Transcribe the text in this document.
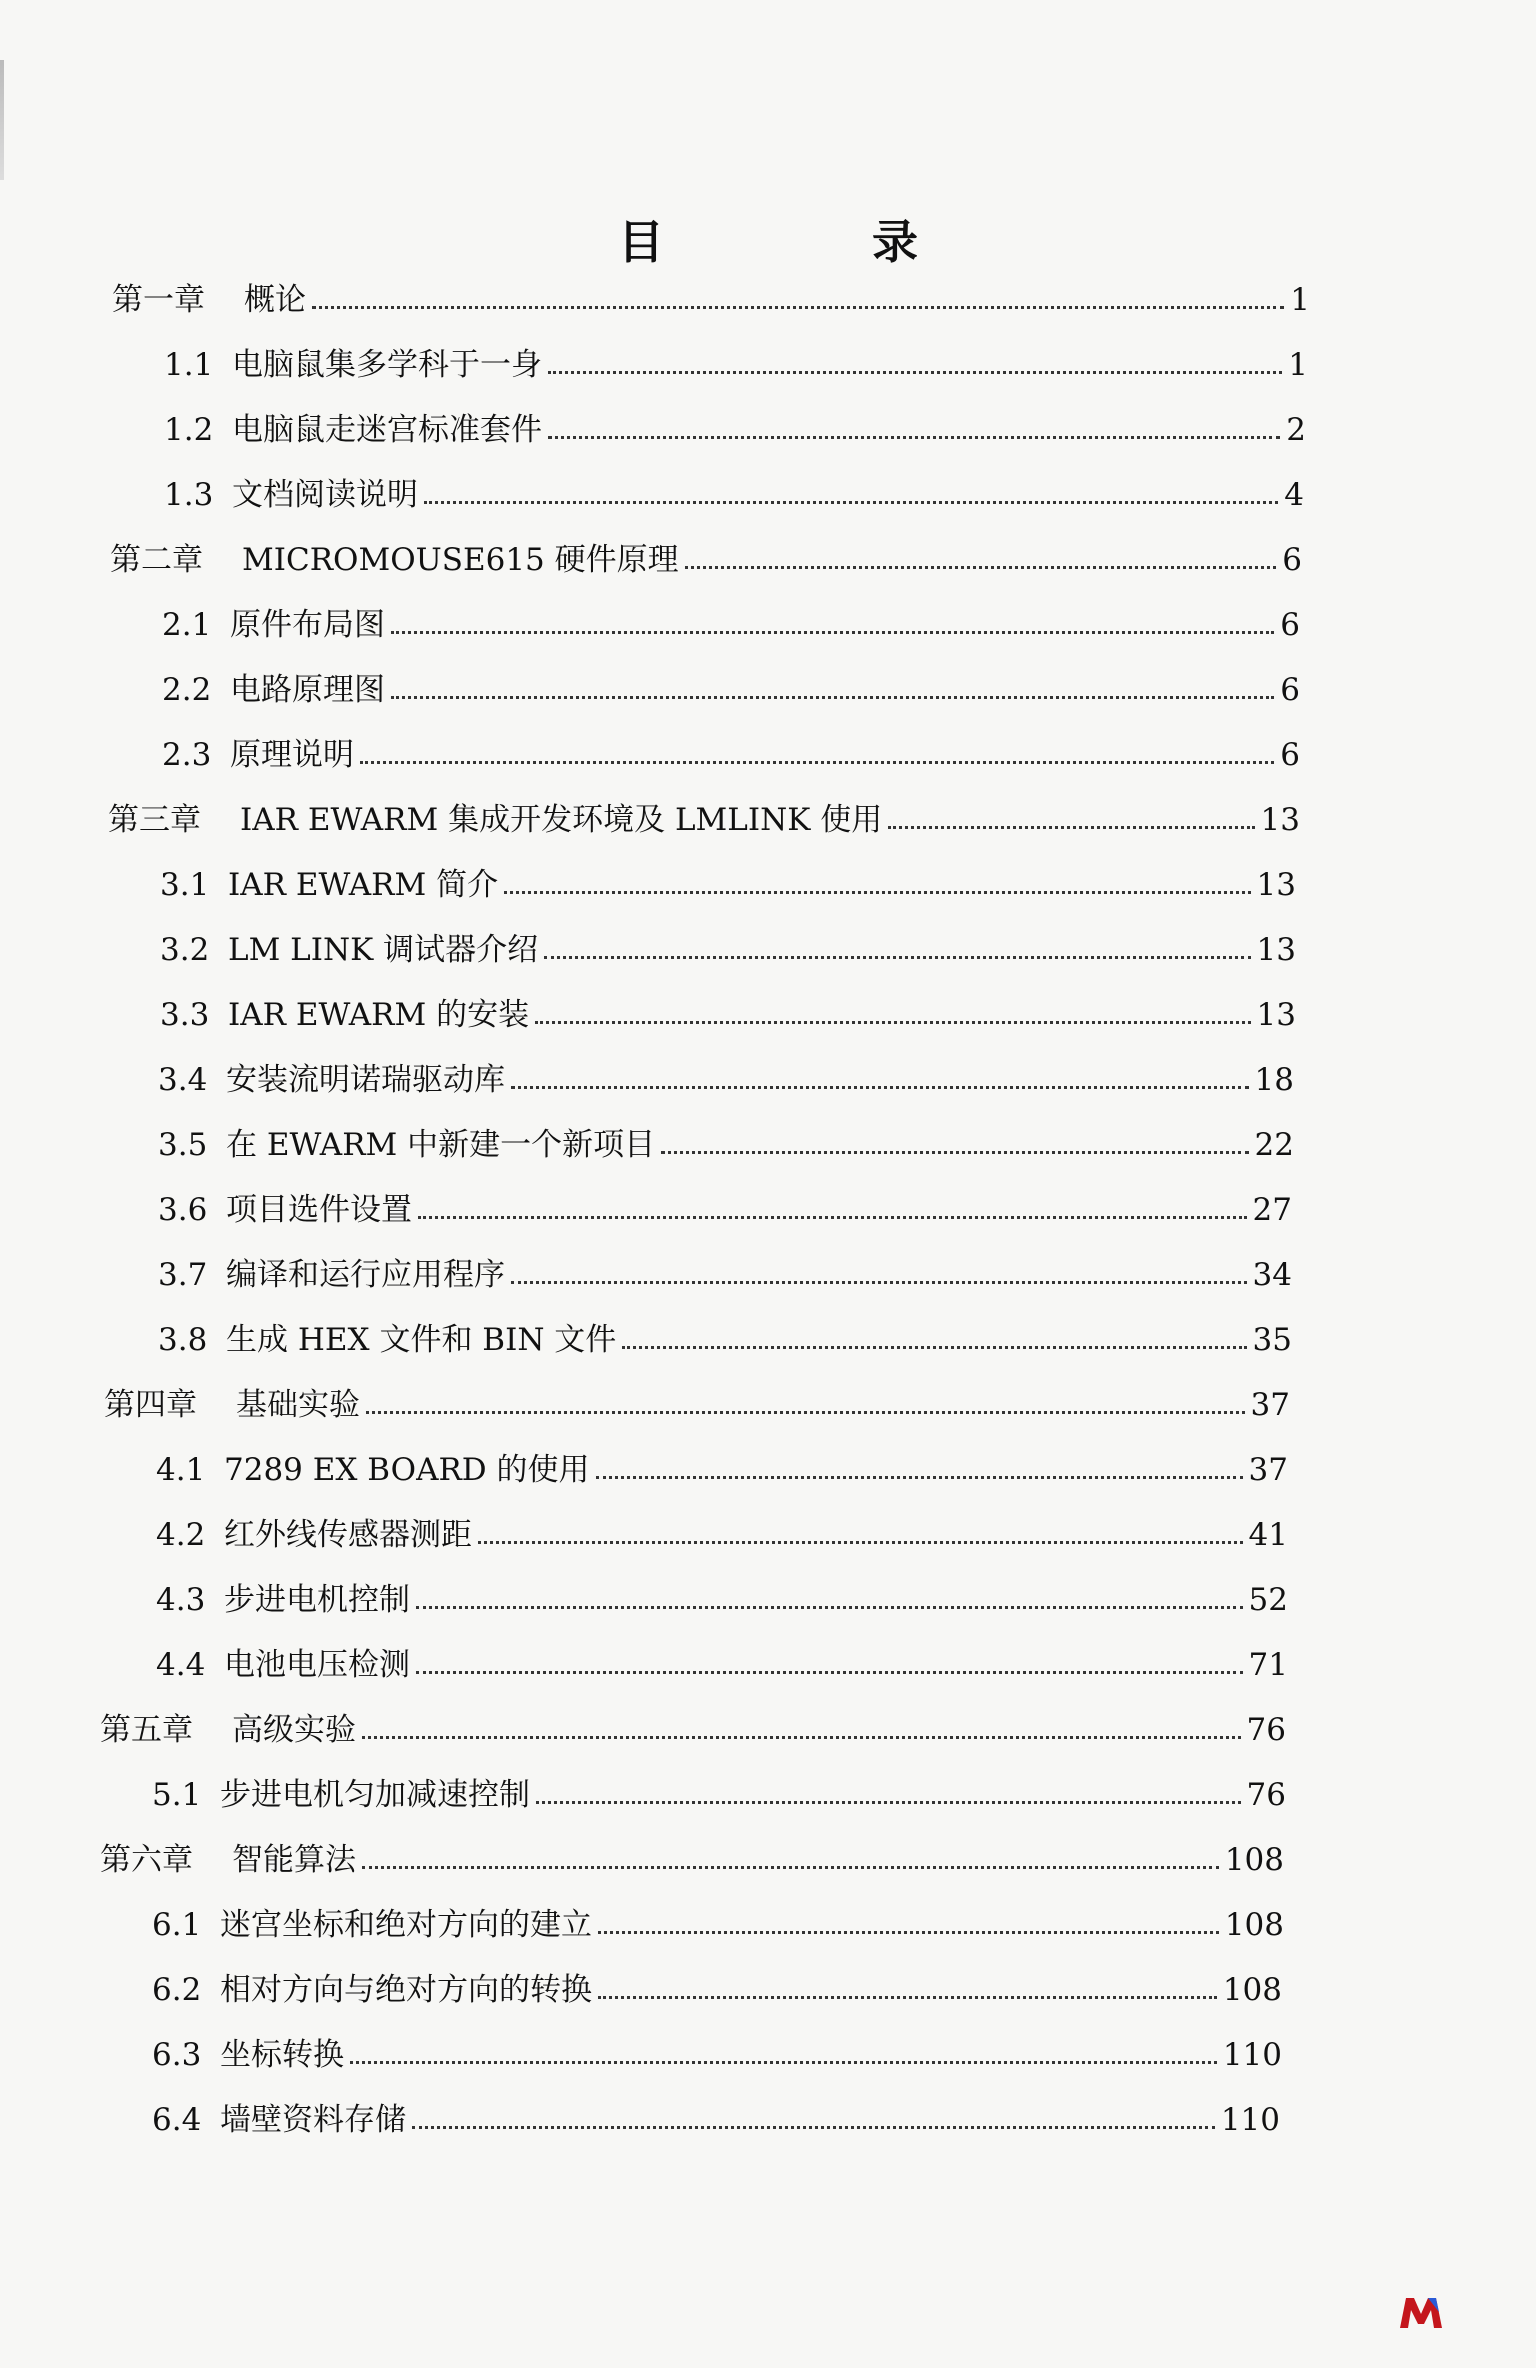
目 录
第一章	概论	1
1.1 电脑鼠集多学科于一身	1
1.2 电脑鼠走迷宫标准套件	2
1.3 文档阅读说明	4
第二章	MICROMOUSE615 硬件原理	6
2.1 原件布局图	6
2.2 电路原理图	6
2.3 原理说明	6
第三章	IAR EWARM 集成开发环境及 LMLINK 使用	13
3.1 IAR EWARM 简介	13
3.2 LM LINK 调试器介绍	13
3.3 IAR EWARM 的安装	13
3.4 安装流明诺瑞驱动库	18
3.5 在 EWARM 中新建一个新项目	22
3.6 项目选件设置	27
3.7 编译和运行应用程序	34
3.8 生成 HEX 文件和 BIN 文件	35
第四章	基础实验	37
4.1 7289 EX BOARD 的使用	37
4.2 红外线传感器测距	41
4.3 步进电机控制	52
4.4 电池电压检测	71
第五章	高级实验	76
5.1 步进电机匀加减速控制	76
第六章	智能算法	108
6.1 迷宫坐标和绝对方向的建立	108
6.2 相对方向与绝对方向的转换	108
6.3 坐标转换	110
6.4 墙壁资料存储	110
